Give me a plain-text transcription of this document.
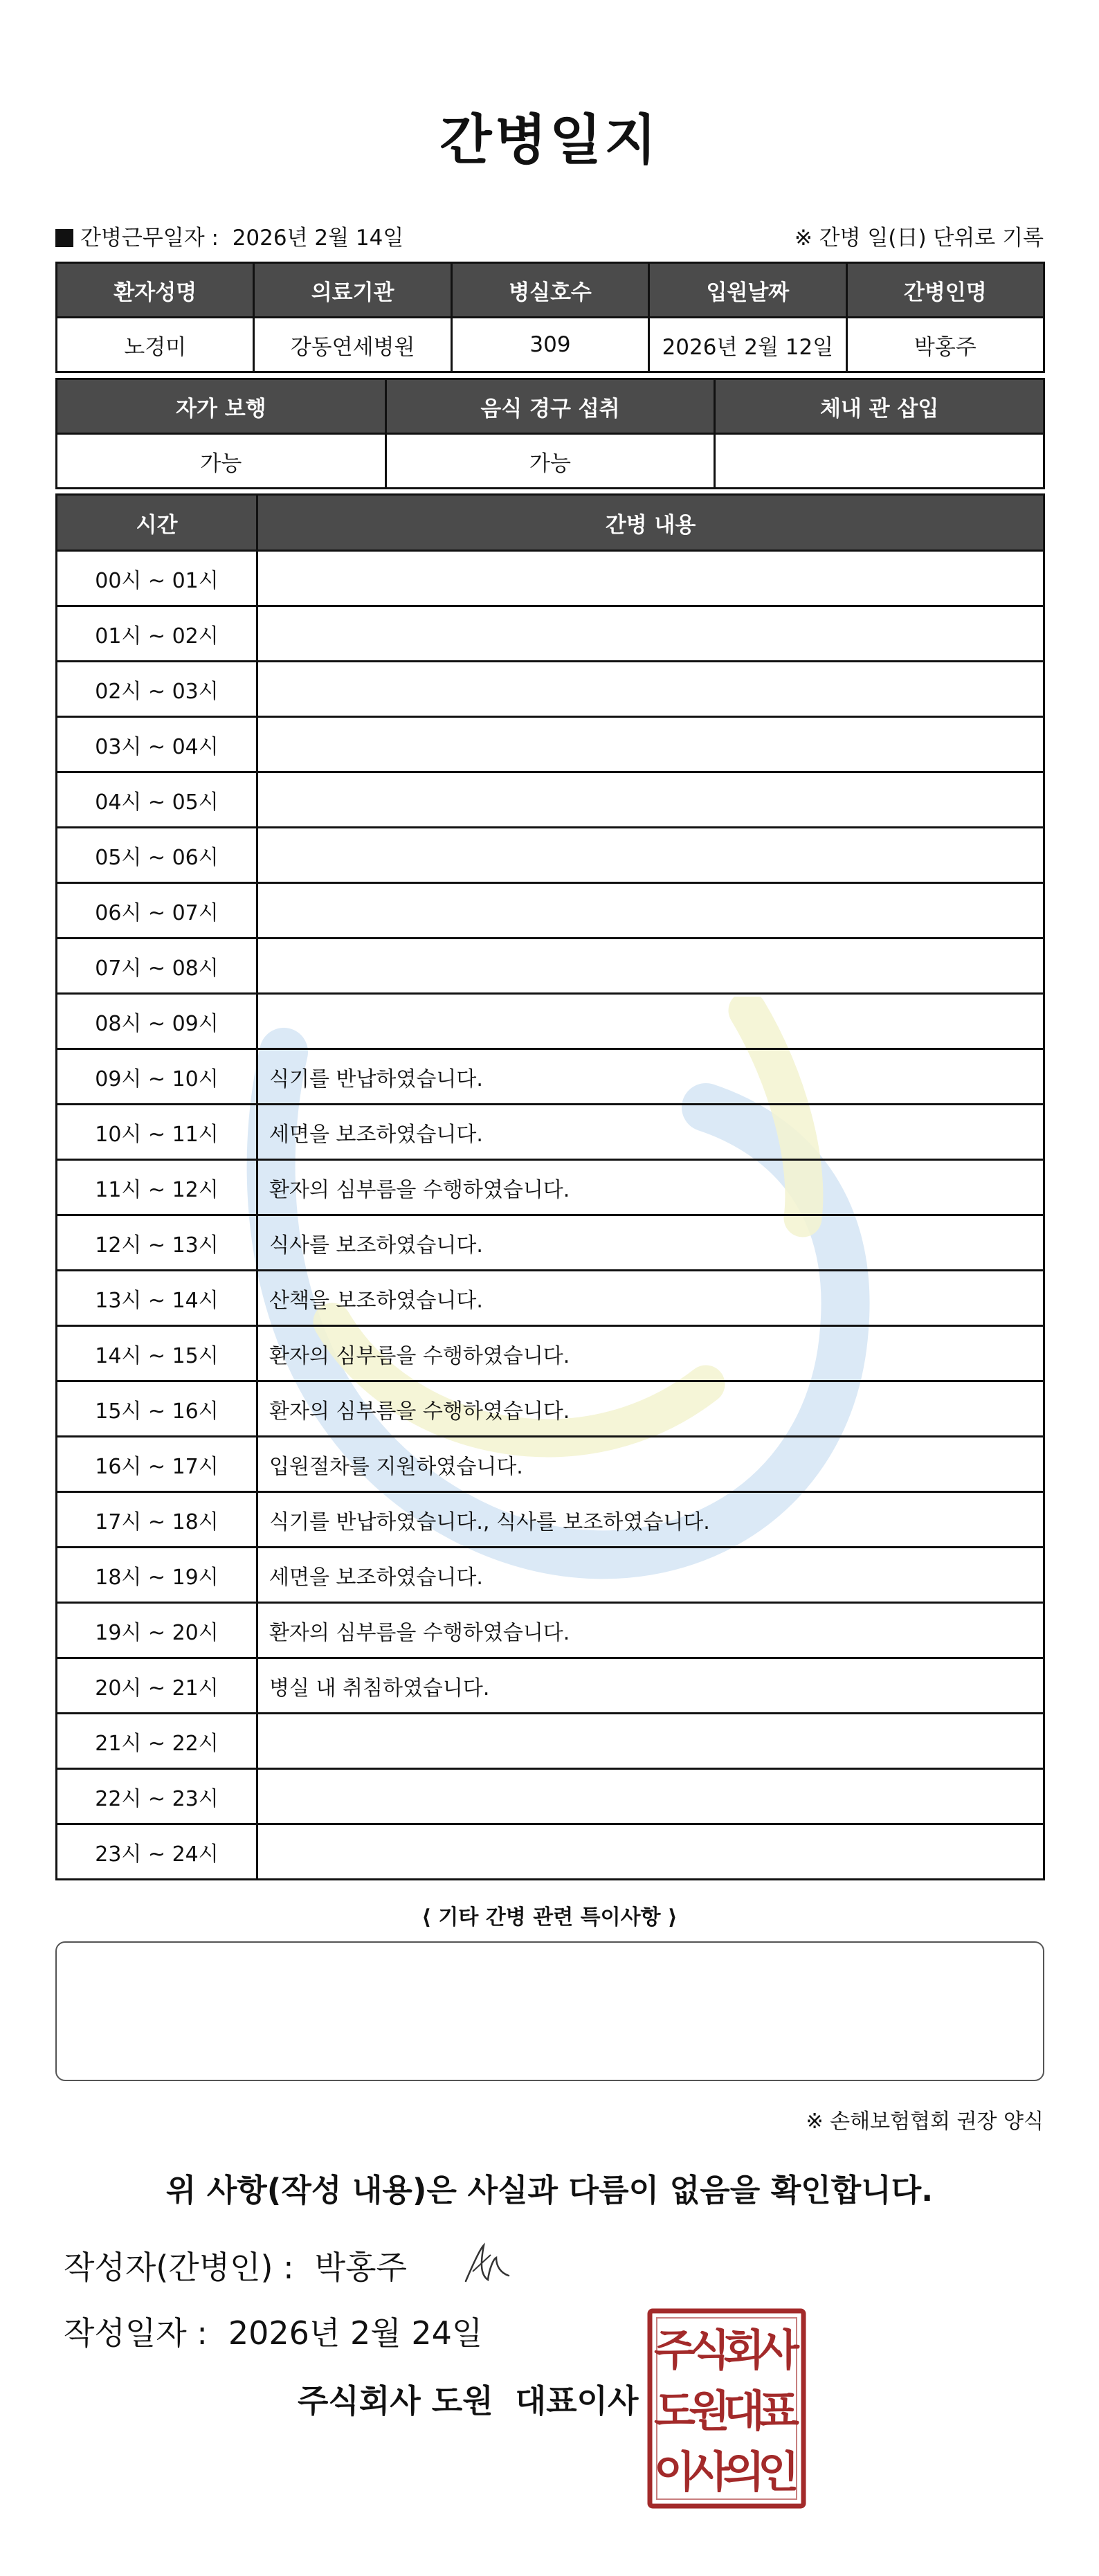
간병일지
간병근무일자 : 2026년 2월 14일	※ 간병 일(日) 단위로 기록
환자성명	의료기관	병실호수	입원날짜	간병인명
노경미	강동연세병원	309	2026년 2월 12일	박홍주
자가 보행	음식 경구 섭취	체내 관 삽입
가능	가능	
시간	간병 내용
00시 ~ 01시	
01시 ~ 02시	
02시 ~ 03시	
03시 ~ 04시	
04시 ~ 05시	
05시 ~ 06시	
06시 ~ 07시	
07시 ~ 08시	
08시 ~ 09시	
09시 ~ 10시	식기를 반납하였습니다.
10시 ~ 11시	세면을 보조하였습니다.
11시 ~ 12시	환자의 심부름을 수행하였습니다.
12시 ~ 13시	식사를 보조하였습니다.
13시 ~ 14시	산책을 보조하였습니다.
14시 ~ 15시	환자의 심부름을 수행하였습니다.
15시 ~ 16시	환자의 심부름을 수행하였습니다.
16시 ~ 17시	입원절차를 지원하였습니다.
17시 ~ 18시	식기를 반납하였습니다., 식사를 보조하였습니다.
18시 ~ 19시	세면을 보조하였습니다.
19시 ~ 20시	환자의 심부름을 수행하였습니다.
20시 ~ 21시	병실 내 취침하였습니다.
21시 ~ 22시	
22시 ~ 23시	
23시 ~ 24시	
⟨ 기타 간병 관련 특이사항 ⟩
※ 손해보험협회 권장 양식
위 사항(작성 내용)은 사실과 다름이 없음을 확인합니다.
작성자(간병인) : 박홍주
작성일자 : 2026년 2월 24일
주식회사 도원 대표이사
주
식
회
사
도
원
대
표
이
사
의
인
